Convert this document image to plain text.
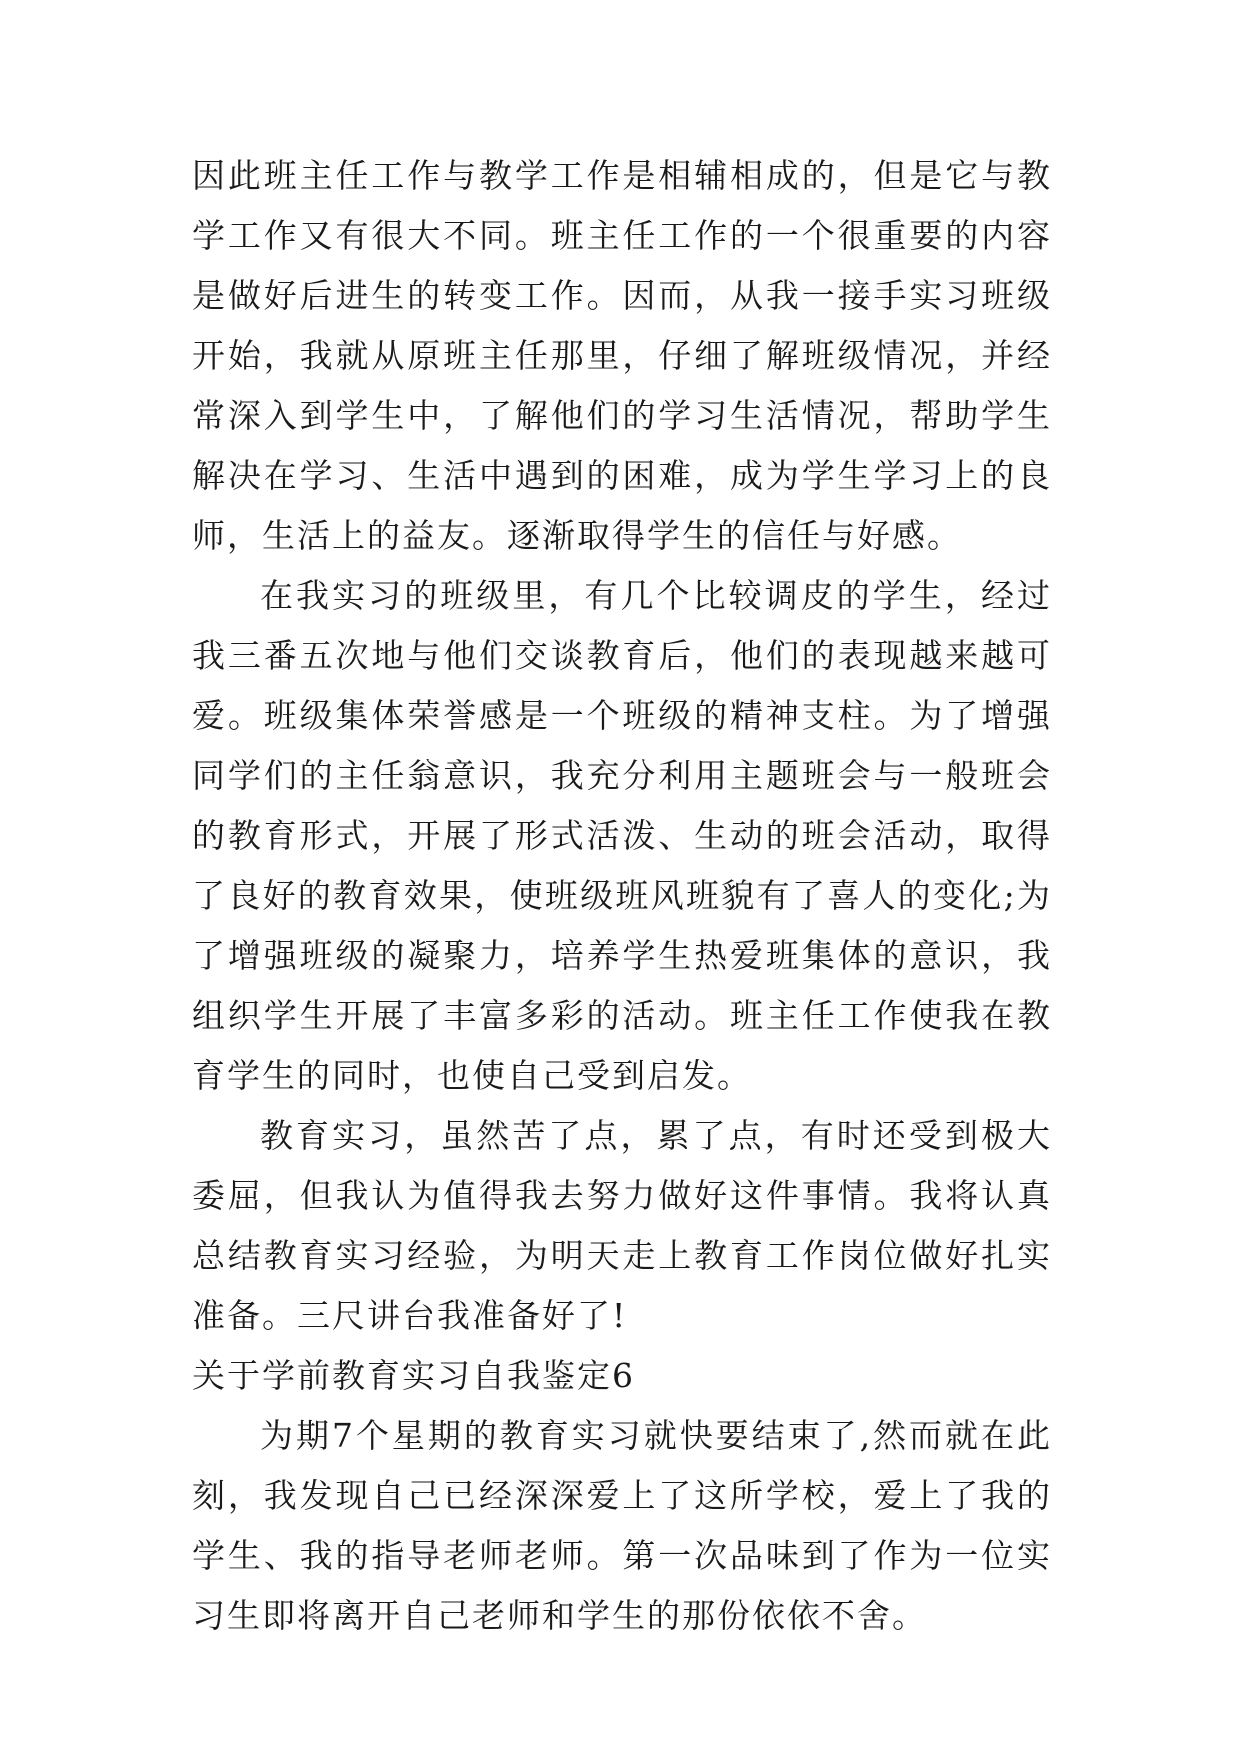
因此班主任工作与教学工作是相辅相成的，但是它与教学工作又有很大不同。班主任工作的一个很重要的内容是做好后进生的转变工作。因而，从我一接手实习班级开始，我就从原班主任那里，仔细了解班级情况，并经常深入到学生中，了解他们的学习生活情况，帮助学生解决在学习、生活中遇到的困难，成为学生学习上的良师，生活上的益友。逐渐取得学生的信任与好感。

在我实习的班级里，有几个比较调皮的学生，经过我三番五次地与他们交谈教育后，他们的表现越来越可爱。班级集体荣誉感是一个班级的精神支柱。为了增强同学们的主任翁意识，我充分利用主题班会与一般班会的教育形式，开展了形式活泼、生动的班会活动，取得了良好的教育效果，使班级班风班貌有了喜人的变化;为了增强班级的凝聚力，培养学生热爱班集体的意识，我组织学生开展了丰富多彩的活动。班主任工作使我在教育学生的同时，也使自己受到启发。

教育实习，虽然苦了点，累了点，有时还受到极大委屈，但我认为值得我去努力做好这件事情。我将认真总结教育实习经验，为明天走上教育工作岗位做好扎实准备。三尺讲台我准备好了!

关于学前教育实习自我鉴定6

为期7个星期的教育实习就快要结束了,然而就在此刻，我发现自己已经深深爱上了这所学校，爱上了我的学生、我的指导老师老师。第一次品味到了作为一位实习生即将离开自己老师和学生的那份依依不舍。
